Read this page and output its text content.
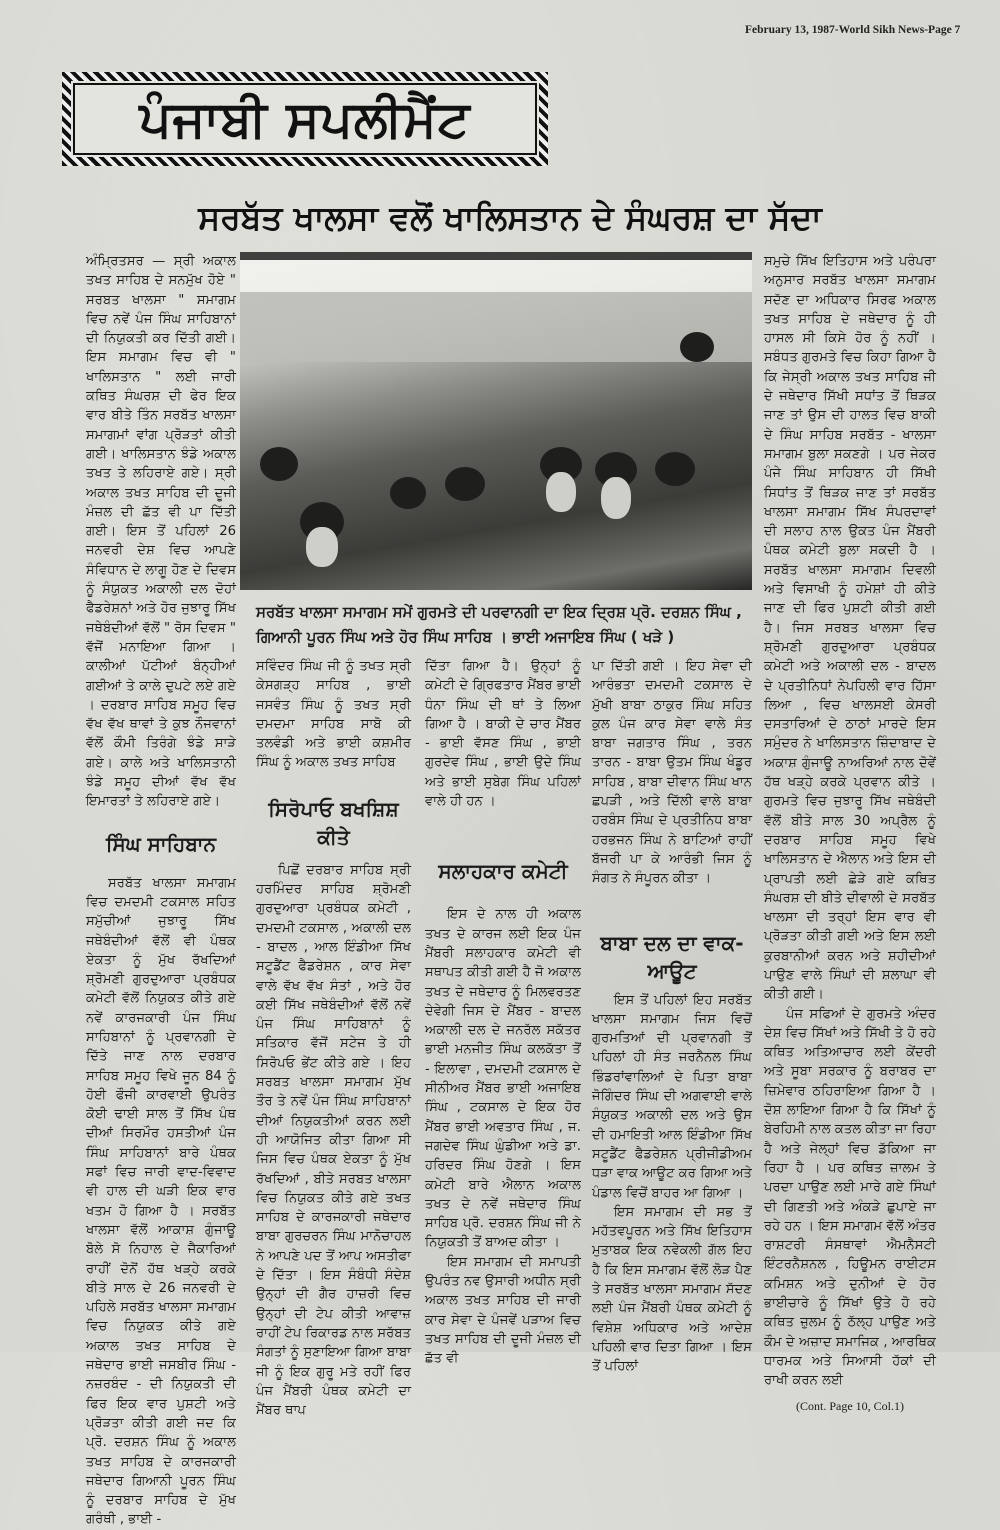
February 13, 1987-World Sikh News-Page 7
ਪੰਜਾਬੀ ਸਪਲੀਮੈਂਟ
ਸਰਬੱਤ ਖਾਲਸਾ ਵਲੋਂ ਖਾਲਿਸਤਾਨ ਦੇ ਸੰਘਰਸ਼ ਦਾ ਸੱਦਾ
ਸਰਬੱਤ ਖਾਲਸਾ ਸਮਾਗਮ ਸਮੇਂ ਗੁਰਮਤੇ ਦੀ ਪਰਵਾਨਗੀ ਦਾ ਇਕ ਦ੍ਰਿਸ਼ ਪ੍ਰੋ. ਦਰਸ਼ਨ ਸਿੰਘ , ਗਿਆਨੀ ਪੂਰਨ ਸਿੰਘ ਅਤੇ ਹੋਰ ਸਿੰਘ ਸਾਹਿਬ । ਭਾਈ ਅਜਾਇਬ ਸਿੰਘ ( ਖੜੇ )

ਅੰਮ੍ਰਿਤਸਰ — ਸ੍ਰੀ ਅਕਾਲ ਤਖਤ ਸਾਹਿਬ ਦੇ ਸਨਮੁੱਖ ਹੋਏ " ਸਰਬਤ ਖਾਲਸਾ " ਸਮਾਗਮ ਵਿਚ ਨਵੇਂ ਪੰਜ ਸਿੰਘ ਸਾਹਿਬਾਨਾਂ ਦੀ ਨਿਯੁਕਤੀ ਕਰ ਦਿੱਤੀ ਗਈ। ਇਸ ਸਮਾਗਮ ਵਿਚ ਵੀ " ਖਾਲਿਸਤਾਨ " ਲਈ ਜਾਰੀ ਕਥਿਤ ਸੰਘਰਸ਼ ਦੀ ਫੇਰ ਇਕ ਵਾਰ ਬੀਤੇ ਤਿੰਨ ਸਰਬੱਤ ਖਾਲਸਾ ਸਮਾਗਮਾਂ ਵਾਂਗ ਪ੍ਰੋੜਤਾਂ ਕੀਤੀ ਗਈ। ਖਾਲਿਸਤਾਨ ਝੰਡੇ ਅਕਾਲ ਤਖਤ ਤੇ ਲਹਿਰਾਏ ਗਏ। ਸ੍ਰੀ ਅਕਾਲ ਤਖਤ ਸਾਹਿਬ ਦੀ ਦੂਜੀ ਮੰਜ਼ਲ ਦੀ ਛੱਤ ਵੀ ਪਾ ਦਿੱਤੀ ਗਈ। ਇਸ ਤੋਂ ਪਹਿਲਾਂ 26 ਜਨਵਰੀ ਦੇਸ਼ ਵਿਚ ਆਪਣੇ ਸੰਵਿਧਾਨ ਦੇ ਲਾਗੂ ਹੋਣ ਦੇ ਦਿਵਸ ਨੂੰ ਸੰਯੁਕਤ ਅਕਾਲੀ ਦਲ ਦੋਹਾਂ ਫੈਡਰੇਸ਼ਨਾਂ ਅਤੇ ਹੋਰ ਜੁਝਾਰੂ ਸਿੱਖ ਜਥੇਬੰਦੀਆਂ ਵੱਲੋਂ " ਰੋਸ ਦਿਵਸ " ਵੱਜੋਂ ਮਨਾਇਆ ਗਿਆ । ਕਾਲੀਆਂ ਪੱਟੀਆਂ ਬੰਨ੍ਹੀਆਂ ਗਈਆਂ ਤੇ ਕਾਲੇ ਦੁਪਟੇ ਲਏ ਗਏ । ਦਰਬਾਰ ਸਾਹਿਬ ਸਮੂਹ ਵਿਚ ਵੱਖ ਵੱਖ ਥਾਵਾਂ ਤੇ ਕੁਝ ਨੌਜਵਾਨਾਂ ਵੱਲੋਂ ਕੌਮੀ ਤਿਰੰਗੇ ਝੰਡੇ ਸਾੜੇ ਗਏ। ਕਾਲੇ ਅਤੇ ਖਾਲਿਸਤਾਨੀ ਝੰਡੇ ਸਮੂਹ ਦੀਆਂ ਵੱਖ ਵੱਖ ਇਮਾਰਤਾਂ ਤੇ ਲਹਿਰਾਏ ਗਏ।

ਸਿੰਘ ਸਾਹਿਬਾਨ

ਸਰਬੱਤ ਖਾਲਸਾ ਸਮਾਗਮ ਵਿਚ ਦਮਦਮੀ ਟਕਸਾਲ ਸਹਿਤ ਸਮੁੱਚੀਆਂ ਜੁਝਾਰੂ ਸਿੱਖ ਜਥੇਬੰਦੀਆਂ ਵੱਲੋਂ ਵੀ ਪੰਥਕ ਏਕਤਾ ਨੂੰ ਮੁੱਖ ਰੱਖਦਿਆਂ ਸ਼੍ਰੋਮਣੀ ਗੁਰਦੁਆਰਾ ਪ੍ਰਬੰਧਕ ਕਮੇਟੀ ਵੱਲੋਂ ਨਿਯੁਕਤ ਕੀਤੇ ਗਏ ਨਵੇਂ ਕਾਰਜਕਾਰੀ ਪੰਜ ਸਿੰਘ ਸਾਹਿਬਾਨਾਂ ਨੂੰ ਪ੍ਰਵਾਨਗੀ ਦੇ ਦਿੱਤੇ ਜਾਣ ਨਾਲ ਦਰਬਾਰ ਸਾਹਿਬ ਸਮੂਹ ਵਿਖੇ ਜੂਨ 84 ਨੂੰ ਹੋਈ ਫੌਜੀ ਕਾਰਵਾਈ ਉਪਰੰਤ ਕੋਈ ਢਾਈ ਸਾਲ ਤੋਂ ਸਿੱਖ ਪੰਥ ਦੀਆਂ ਸਿਰਮੌਰ ਹਸਤੀਆਂ ਪੰਜ ਸਿੰਘ ਸਾਹਿਬਾਨਾਂ ਬਾਰੇ ਪੰਥਕ ਸਫਾਂ ਵਿਚ ਜਾਰੀ ਵਾਦ-ਵਿਵਾਦ ਵੀ ਹਾਲ ਦੀ ਘੜੀ ਇਕ ਵਾਰ ਖਤਮ ਹੋ ਗਿਆ ਹੈ । ਸਰਬੱਤ ਖਾਲਸਾ ਵੱਲੋਂ ਆਕਾਸ਼ ਗੁੰਜਾਊ ਬੋਲੇ ਸੋ ਨਿਹਾਲ ਦੇ ਜੈਕਾਰਿਆਂ ਰਾਹੀਂ ਦੋਨੋਂ ਹੱਥ ਖੜ੍ਹੇ ਕਰਕੇ ਬੀਤੇ ਸਾਲ ਦੇ 26 ਜਨਵਰੀ ਦੇ ਪਹਿਲੇ ਸਰਬੱਤ ਖਾਲਸਾ ਸਮਾਗਮ ਵਿਚ ਨਿਯੁਕਤ ਕੀਤੇ ਗਏ ਅਕਾਲ ਤਖਤ ਸਾਹਿਬ ਦੇ ਜਥੇਦਾਰ ਭਾਈ ਜਸਬੀਰ ਸਿੰਘ - ਨਜ਼ਰਬੰਦ - ਦੀ ਨਿਯੁਕਤੀ ਦੀ ਫਿਰ ਇਕ ਵਾਰ ਪੁਸ਼ਟੀ ਅਤੇ ਪ੍ਰੋੜਤਾ ਕੀਤੀ ਗਈ ਜਦ ਕਿ ਪ੍ਰੋ. ਦਰਸ਼ਨ ਸਿੰਘ ਨੂੰ ਅਕਾਲ ਤਖਤ ਸਾਹਿਬ ਦੇ ਕਾਰਜਕਾਰੀ ਜਥੇਦਾਰ ਗਿਆਨੀ ਪੂਰਨ ਸਿੰਘ ਨੂੰ ਦਰਬਾਰ ਸਾਹਿਬ ਦੇ ਮੁੱਖ ਗਰੰਥੀ , ਭਾਈ -

ਸਵਿੰਦਰ ਸਿੰਘ ਜੀ ਨੂੰ ਤਖਤ ਸ੍ਰੀ ਕੇਸਗੜ੍ਹ ਸਾਹਿਬ , ਭਾਈ ਜਸਵੰਤ ਸਿੰਘ ਨੂੰ ਤਖਤ ਸ੍ਰੀ ਦਮਦਮਾ ਸਾਹਿਬ ਸਾਬੋ ਕੀ ਤਲਵੰਡੀ ਅਤੇ ਭਾਈ ਕਸ਼ਮੀਰ ਸਿੰਘ ਨੂੰ ਅਕਾਲ ਤਖਤ ਸਾਹਿਬ

ਸਿਰੋਪਾਓ ਬਖਸ਼ਿਸ਼ ਕੀਤੇ

ਪਿਛੋਂ ਦਰਬਾਰ ਸਾਹਿਬ ਸ੍ਰੀ ਹਰਮਿੰਦਰ ਸਾਹਿਬ ਸ਼੍ਰੋਮਣੀ ਗੁਰਦੁਆਰਾ ਪ੍ਰਬੰਧਕ ਕਮੇਟੀ , ਦਮਦਮੀ ਟਕਸਾਲ , ਅਕਾਲੀ ਦਲ - ਬਾਦਲ , ਆਲ ਇੰਡੀਆ ਸਿੱਖ ਸਟੂਡੈਂਟ ਫੈਡਰੇਸ਼ਨ , ਕਾਰ ਸੇਵਾ ਵਾਲੇ ਵੱਖ ਵੱਖ ਸੰਤਾਂ , ਅਤੇ ਹੋਰ ਕਈ ਸਿੱਖ ਜਥੇਬੰਦੀਆਂ ਵੱਲੋਂ ਨਵੇਂ ਪੰਜ ਸਿੰਘ ਸਾਹਿਬਾਨਾਂ ਨੂੰ ਸਤਿਕਾਰ ਵੱਜੋਂ ਸਟੇਜ ਤੇ ਹੀ ਸਿਰੋਪਓ ਭੇਂਟ ਕੀਤੇ ਗਏ । ਇਹ ਸਰਬਤ ਖਾਲਸਾ ਸਮਾਗਮ ਮੁੱਖ ਤੌਰ ਤੇ ਨਵੇਂ ਪੰਜ ਸਿੰਘ ਸਾਹਿਬਾਨਾਂ ਦੀਆਂ ਨਿਯੁਕਤੀਆਂ ਕਰਨ ਲਈ ਹੀ ਆਯੋਜਿਤ ਕੀਤਾ ਗਿਆ ਸੀ ਜਿਸ ਵਿਚ ਪੰਥਕ ਏਕਤਾ ਨੂੰ ਮੁੱਖ ਰੱਖਦਿਆਂ , ਬੀਤੇ ਸਰਬਤ ਖਾਲਸਾ ਵਿਚ ਨਿਯੁਕਤ ਕੀਤੇ ਗਏ ਤਖਤ ਸਾਹਿਬ ਦੇ ਕਾਰਜਕਾਰੀ ਜਥੇਦਾਰ ਬਾਬਾ ਗੁਰਚਰਨ ਸਿੰਘ ਮਾਨੋਚਾਹਲ ਨੇ ਆਪਣੇ ਪਦ ਤੋਂ ਆਪ ਅਸਤੀਫਾ ਦੇ ਦਿੱਤਾ । ਇਸ ਸੰਬੰਧੀ ਸੰਦੇਸ਼ ਉਨ੍ਹਾਂ ਦੀ ਗੈਰ ਹਾਜ਼ਰੀ ਵਿਚ ਉਨ੍ਹਾਂ ਦੀ ਟੇਪ ਕੀਤੀ ਆਵਾਜ਼ ਰਾਹੀਂ ਟੇਪ ਰਿਕਾਰਡ ਨਾਲ ਸਰੱਬਤ ਸੰਗਤਾਂ ਨੂੰ ਸੁਣਾਇਆ ਗਿਆ ਬਾਬਾ ਜੀ ਨੂੰ ਇਕ ਗੁਰੂ ਮਤੇ ਰਹੀਂ ਫਿਰ ਪੰਜ ਮੈਂਬਰੀ ਪੰਥਕ ਕਮੇਟੀ ਦਾ ਮੈਂਬਰ ਥਾਪ

ਦਿੱਤਾ ਗਿਆ ਹੈ। ਉਨ੍ਹਾਂ ਨੂੰ ਕਮੇਟੀ ਦੇ ਗ੍ਰਿਫਤਾਰ ਮੈਂਬਰ ਭਾਈ ਧੰਨਾ ਸਿੰਘ ਦੀ ਥਾਂ ਤੇ ਲਿਆ ਗਿਆ ਹੈ । ਬਾਕੀ ਦੇ ਚਾਰ ਮੈਂਬਰ - ਭਾਈ ਵੱਸਣ ਸਿੰਘ , ਭਾਈ ਗੁਰਦੇਵ ਸਿੰਘ , ਭਾਈ ਉਦੇ ਸਿੰਘ ਅਤੇ ਭਾਈ ਸੁਬੇਗ ਸਿੰਘ ਪਹਿਲਾਂ ਵਾਲੇ ਹੀ ਹਨ ।

ਸਲਾਹਕਾਰ ਕਮੇਟੀ

ਇਸ ਦੇ ਨਾਲ ਹੀ ਅਕਾਲ ਤਖਤ ਦੇ ਕਾਰਜ ਲਈ ਇਕ ਪੰਜ ਮੈਂਬਰੀ ਸਲਾਹਕਾਰ ਕਮੇਟੀ ਵੀ ਸਥਾਪਤ ਕੀਤੀ ਗਈ ਹੈ ਜੋ ਅਕਾਲ ਤਖਤ ਦੇ ਜਥੇਦਾਰ ਨੂੰ ਮਿਲਵਰਤਣ ਦੇਵੇਗੀ ਜਿਸ ਦੇ ਮੈਂਬਰ - ਬਾਦਲ ਅਕਾਲੀ ਦਲ ਦੇ ਜਨਰੱਲ ਸਕੱਤਰ ਭਾਈ ਮਨਜੀਤ ਸਿੰਘ ਕਲਕੱਤਾ ਤੋਂ - ਇਲਾਵਾ , ਦਮਦਮੀ ਟਕਸਾਲ ਦੇ ਸੀਨੀਅਰ ਮੈਂਬਰ ਭਾਈ ਅਜਾਇਬ ਸਿੰਘ , ਟਕਸਾਲ ਦੇ ਇਕ ਹੋਰ ਮੈਂਬਰ ਭਾਈ ਅਵਤਾਰ ਸਿੰਘ , ਜ. ਜਗਦੇਵ ਸਿੰਘ ਘੁੰਡੀਆ ਅਤੇ ਡਾ. ਹਰਿਦਰ ਸਿੰਘ ਹੋਣਗੇ । ਇਸ ਕਮੇਟੀ ਬਾਰੇ ਐਲਾਨ ਅਕਾਲ ਤਖਤ ਦੇ ਨਵੇਂ ਜਥੇਦਾਰ ਸਿੰਘ ਸਾਹਿਬ ਪ੍ਰੋ. ਦਰਸ਼ਨ ਸਿੰਘ ਜੀ ਨੇ ਨਿਯੁਕਤੀ ਤੋਂ ਬਾਅਦ ਕੀਤਾ ।

ਇਸ ਸਮਾਗਮ ਦੀ ਸਮਾਪਤੀ ਉਪਰੰਤ ਨਵ ਉਸਾਰੀ ਅਧੀਨ ਸ੍ਰੀ ਅਕਾਲ ਤਖਤ ਸਾਹਿਬ ਦੀ ਜਾਰੀ ਕਾਰ ਸੇਵਾ ਦੇ ਪੰਜਵੇਂ ਪੜਾਅ ਵਿਚ ਤਖਤ ਸਾਹਿਬ ਦੀ ਦੂਜੀ ਮੰਜ਼ਲ ਦੀ ਛੱਤ ਵੀ

ਪਾ ਦਿੱਤੀ ਗਈ । ਇਹ ਸੇਵਾ ਦੀ ਆਰੰਭਤਾ ਦਮਦਮੀ ਟਕਸਾਲ ਦੇ ਮੁੱਖੀ ਬਾਬਾ ਠਾਕੁਰ ਸਿੰਘ ਸਹਿਤ ਕੁਲ ਪੰਜ ਕਾਰ ਸੇਵਾ ਵਾਲੇ ਸੰਤ ਬਾਬਾ ਜਗਤਾਰ ਸਿੰਘ , ਤਰਨ ਤਾਰਨ - ਬਾਬਾ ਉਤਮ ਸਿੰਘ ਖੰਡੂਰ ਸਾਹਿਬ , ਬਾਬਾ ਦੀਵਾਨ ਸਿੰਘ ਖਾਨ ਛਪੜੀ , ਅਤੇ ਦਿੱਲੀ ਵਾਲੇ ਬਾਬਾ ਹਰਬੰਸ ਸਿੰਘ ਦੇ ਪ੍ਰਤੀਨਿਧ ਬਾਬਾ ਹਰਭਜਨ ਸਿੰਘ ਨੇ ਬਾਟਿਆਂ ਰਾਹੀਂ ਬੱਜਰੀ ਪਾ ਕੇ ਆਰੰਭੀ ਜਿਸ ਨੂੰ ਸੰਗਤ ਨੇ ਸੰਪੂਰਨ ਕੀਤਾ ।

ਬਾਬਾ ਦਲ ਦਾ ਵਾਕ- ਆਊਟ

ਇਸ ਤੋਂ ਪਹਿਲਾਂ ਇਹ ਸਰਬੱਤ ਖਾਲਸਾ ਸਮਾਗਮ ਜਿਸ ਵਿਚੋਂ ਗੁਰਮਤਿਆਂ ਦੀ ਪ੍ਰਵਾਨਗੀ ਤੋਂ ਪਹਿਲਾਂ ਹੀ ਸੰਤ ਜਰਨੈਨਲ ਸਿੰਘ ਭਿੰਡਰਾਂਵਾਲਿਆਂ ਦੇ ਪਿਤਾ ਬਾਬਾ ਜੋਗਿੰਦਰ ਸਿੰਘ ਦੀ ਅਗਵਾਈ ਵਾਲੇ ਸੰਯੁਕਤ ਅਕਾਲੀ ਦਲ ਅਤੇ ਉਸ ਦੀ ਹਮਾਇਤੀ ਆਲ ਇੰਡੀਆ ਸਿੱਖ ਸਟੂਡੈਂਟ ਫੈਡਰੇਸ਼ਨ ਪ੍ਰੀਜੀਡੀਅਮ ਧੜਾ ਵਾਕ ਆਊਟ ਕਰ ਗਿਆ ਅਤੇ ਪੰਡਾਲ ਵਿਚੋਂ ਬਾਹਰ ਆ ਗਿਆ ।

ਇਸ ਸਮਾਗਮ ਦੀ ਸਭ ਤੋਂ ਮਹੱਤਵਪੂਰਨ ਅਤੇ ਸਿੱਖ ਇਤਿਹਾਸ ਮੁਤਾਬਕ ਇਕ ਨਵੇਕਲੀ ਗੱਲ ਇਹ ਹੈ ਕਿ ਇਸ ਸਮਾਗਮ ਵੱਲੋਂ ਲੋੜ ਪੈਣ ਤੇ ਸਰਬੱਤ ਖਾਲਸਾ ਸਮਾਗਮ ਸੱਦਣ ਲਈ ਪੰਜ ਮੈਂਬਰੀ ਪੰਥਕ ਕਮੇਟੀ ਨੂੰ ਵਿਸ਼ੇਸ਼ ਅਧਿਕਾਰ ਅਤੇ ਆਦੇਸ਼ ਪਹਿਲੀ ਵਾਰ ਦਿਤਾ ਗਿਆ । ਇਸ ਤੋਂ ਪਹਿਲਾਂ

ਸਮੁਚੇ ਸਿੱਖ ਇਤਿਹਾਸ ਅਤੇ ਪਰੰਪਰਾ ਅਨੁਸਾਰ ਸਰਬੱਤ ਖਾਲਸਾ ਸਮਾਗਮ ਸਦੱਣ ਦਾ ਅਧਿਕਾਰ ਸਿਰਫ ਅਕਾਲ ਤਖਤ ਸਾਹਿਬ ਦੇ ਜਥੇਦਾਰ ਨੂੰ ਹੀ ਹਾਸਲ ਸੀ ਕਿਸੇ ਹੋਰ ਨੂੰ ਨਹੀਂ । ਸਬੰਧਤ ਗੁਰਮਤੇ ਵਿਚ ਕਿਹਾ ਗਿਆ ਹੈ ਕਿ ਜੇਸ੍ਰੀ ਅਕਾਲ ਤਖਤ ਸਾਹਿਬ ਜੀ ਦੇ ਜਥੇਦਾਰ ਸਿੱਖੀ ਸਧਾਂਤ ਤੋਂ ਥਿੜਕ ਜਾਣ ਤਾਂ ਉਸ ਦੀ ਹਾਲਤ ਵਿਚ ਬਾਕੀ ਦੇ ਸਿੰਘ ਸਾਹਿਬ ਸਰਬੱਤ - ਖਾਲਸਾ ਸਮਾਗਮ ਬੁਲਾ ਸਕਣਗੇ । ਪਰ ਜੇਕਰ ਪੰਜੇ ਸਿੰਘ ਸਾਹਿਬਾਨ ਹੀ ਸਿੱਖੀ ਸਿਧਾਂਤ ਤੋਂ ਥਿੜਕ ਜਾਣ ਤਾਂ ਸਰਬੱਤ ਖਾਲਸਾ ਸਮਾਗਮ ਸਿੱਖ ਸੰਪਰਦਾਵਾਂ ਦੀ ਸਲਾਹ ਨਾਲ ਉਕਤ ਪੰਜ ਮੈਂਬਰੀ ਪੰਥਕ ਕਮੇਟੀ ਬੁਲਾ ਸਕਦੀ ਹੈ । ਸਰਬੱਤ ਖਾਲਸਾ ਸਮਾਗਮ ਦਿਵਲੀ ਅਤੇ ਵਿਸਾਖੀ ਨੂੰ ਹਮੇਸ਼ਾਂ ਹੀ ਕੀਤੇ ਜਾਣ ਦੀ ਫਿਰ ਪੁਸ਼ਟੀ ਕੀਤੀ ਗਈ ਹੈ। ਜਿਸ ਸਰਬਤ ਖਾਲਸਾ ਵਿਚ ਸ਼੍ਰੋਮਣੀ ਗੁਰਦੁਆਰਾ ਪ੍ਰਬੰਧਕ ਕਮੇਟੀ ਅਤੇ ਅਕਾਲੀ ਦਲ - ਬਾਦਲ ਦੇ ਪ੍ਰਤੀਨਿਧਾਂ ਨੇਪਹਿਲੀ ਵਾਰ ਹਿੱਸਾ ਲਿਆ , ਵਿਚ ਖਾਲਸਈ ਕੇਸਰੀ ਦਸਤਾਰਿਆਂ ਦੇ ਠਾਠਾਂ ਮਾਰਦੇ ਇਸ ਸਮੁੰਦਰ ਨੇ ਖਾਲਿਸਤਾਨ ਜ਼ਿੰਦਾਬਾਦ ਦੇ ਅਕਾਸ਼ ਗੁੰਜਾਊ ਨਾਅਰਿਆਂ ਨਾਲ ਦੋਵੇਂ ਹੱਥ ਖੜ੍ਹੇ ਕਰਕੇ ਪ੍ਰਵਾਨ ਕੀਤੇ । ਗੁਰਮਤੇ ਵਿਚ ਜੁਝਾਰੂ ਸਿੱਖ ਜਥੇਬੰਦੀ ਵੱਲੋਂ ਬੀਤੇ ਸਾਲ 30 ਅਪ੍ਰੈਲ ਨੂੰ ਦਰਬਾਰ ਸਾਹਿਬ ਸਮੂਹ ਵਿਖੇ ਖਾਲਿਸਤਾਨ ਦੇ ਐਲਾਨ ਅਤੇ ਇਸ ਦੀ ਪ੍ਰਾਪਤੀ ਲਈ ਛੇੜੇ ਗਏ ਕਥਿਤ ਸੰਘਰਸ਼ ਦੀ ਬੀਤੇ ਦੀਵਾਲੀ ਦੇ ਸਰਬੱਤ ਖਾਲਸਾ ਦੀ ਤਰ੍ਹਾਂ ਇਸ ਵਾਰ ਵੀ ਪ੍ਰੋੜਤਾ ਕੀਤੀ ਗਈ ਅਤੇ ਇਸ ਲਈ ਕੁਰਬਾਨੀਆਂ ਕਰਨ ਅਤੇ ਸ਼ਹੀਦੀਆਂ ਪਾਉਣ ਵਾਲੇ ਸਿੰਘਾਂ ਦੀ ਸ਼ਲਾਘਾ ਵੀ ਕੀਤੀ ਗਈ।

ਪੰਜ ਸਫਿਆਂ ਦੇ ਗੁਰਮਤੇ ਅੰਦਰ ਦੇਸ਼ ਵਿਚ ਸਿੱਖਾਂ ਅਤੇ ਸਿੱਖੀ ਤੇ ਹੋ ਰਹੇ ਕਥਿਤ ਅਤਿਆਚਾਰ ਲਈ ਕੇਂਦਰੀ ਅਤੇ ਸੂਬਾ ਸਰਕਾਰ ਨੂੰ ਬਰਾਬਰ ਦਾ ਜ਼ਿਮੇਵਾਰ ਠਹਿਰਾਇਆ ਗਿਆ ਹੈ । ਦੋਸ਼ ਲਾਇਆ ਗਿਆ ਹੈ ਕਿ ਸਿੱਖਾਂ ਨੂੰ ਬੇਰਹਿਮੀ ਨਾਲ ਕਤਲ ਕੀਤਾ ਜਾ ਰਿਹਾ ਹੈ ਅਤੇ ਜੇਲ੍ਹਾਂ ਵਿਚ ਡੱਕਿਆ ਜਾ ਰਿਹਾ ਹੈ । ਪਰ ਕਥਿਤ ਜ਼ਾਲਮ ਤੇ ਪਰਦਾ ਪਾਉਣ ਲਈ ਮਾਰੇ ਗਏ ਸਿੰਘਾਂ ਦੀ ਗਿਣਤੀ ਅਤੇ ਅੰਕੜੇ ਛੁਪਾਏ ਜਾ ਰਹੇ ਹਨ । ਇਸ ਸਮਾਗਮ ਵੱਲੋਂ ਅੰਤਰ ਰਾਸ਼ਟਰੀ ਸੰਸਥਾਵਾਂ ਐਮਨੈਸਟੀ ਇੰਟਰਨੈਸ਼ਨਲ , ਹਿਊਮਨ ਰਾਈਟਸ ਕਮਿਸ਼ਨ ਅਤੇ ਦੁਨੀਆਂ ਦੇ ਹੋਰ ਭਾਈਚਾਰੇ ਨੂੰ ਸਿੱਖਾਂ ਉਤੇ ਹੋ ਰਹੇ ਕਥਿਤ ਜ਼ੁਲਮ ਨੂੰ ਠੱਲ੍ਹ ਪਾਉਣ ਅਤੇ ਕੌਮ ਦੇ ਅਜ਼ਾਦ ਸਮਾਜਿਕ , ਆਰਥਿਕ ਧਾਰਮਕ ਅਤੇ ਸਿਆਸੀ ਹੱਕਾਂ ਦੀ ਰਾਖੀ ਕਰਨ ਲਈ

(Cont. Page 10, Col.1)
